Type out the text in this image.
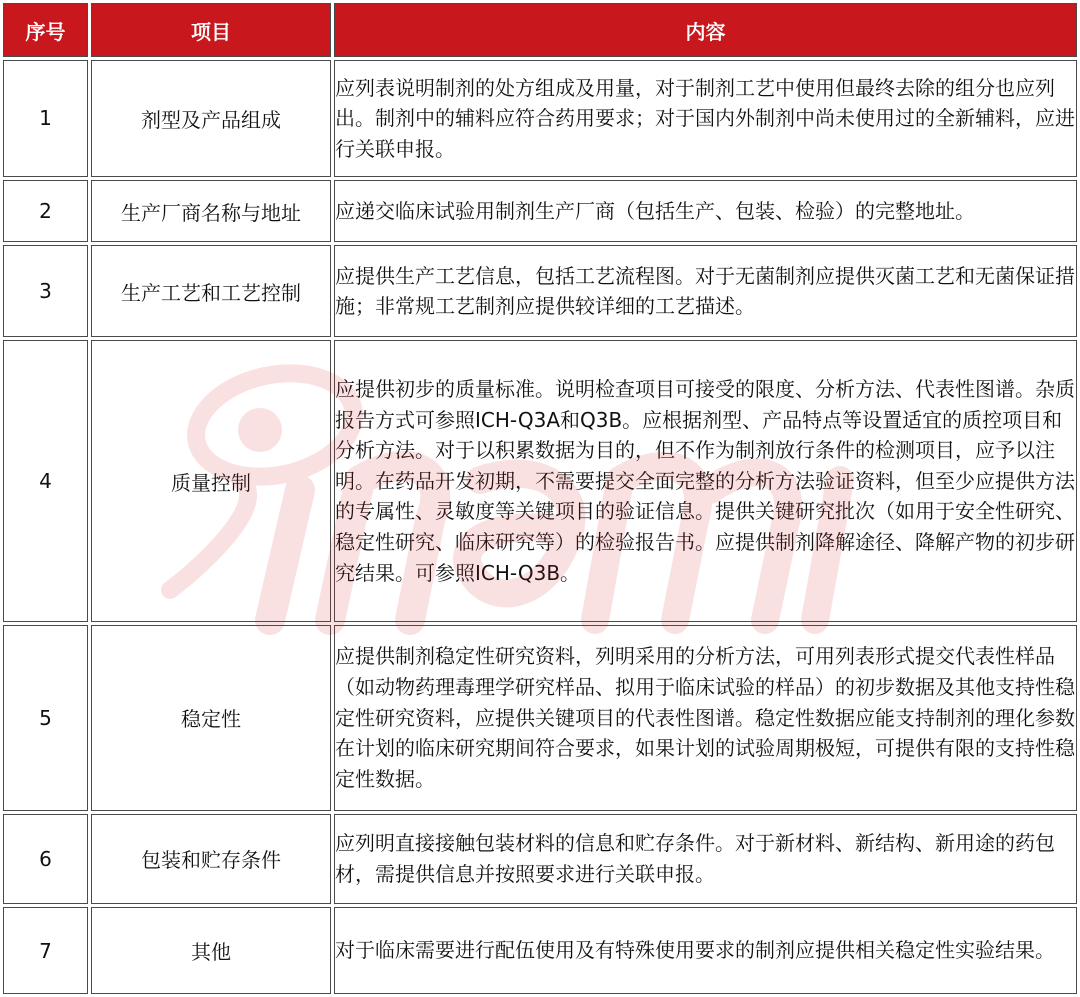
序号	项目	内容
1	剂型及产品组成	应列表说明制剂的处方组成及用量，对于制剂工艺中使用但最终去除的组分也应列出。制剂中的辅料应符合药用要求；对于国内外制剂中尚未使用过的全新辅料，应进行关联申报。
2	生产厂商名称与地址	应递交临床试验用制剂生产厂商（包括生产、包装、检验）的完整地址。
3	生产工艺和工艺控制	应提供生产工艺信息，包括工艺流程图。对于无菌制剂应提供灭菌工艺和无菌保证措施；非常规工艺制剂应提供较详细的工艺描述。
4	质量控制	应提供初步的质量标准。说明检查项目可接受的限度、分析方法、代表性图谱。杂质报告方式可参照ICH-Q3A和Q3B。应根据剂型、产品特点等设置适宜的质控项目和分析方法。对于以积累数据为目的，但不作为制剂放行条件的检测项目，应予以注明。在药品开发初期，不需要提交全面完整的分析方法验证资料，但至少应提供方法的专属性、灵敏度等关键项目的验证信息。提供关键研究批次（如用于安全性研究、稳定性研究、临床研究等）的检验报告书。应提供制剂降解途径、降解产物的初步研究结果。可参照ICH-Q3B。
5	稳定性	应提供制剂稳定性研究资料，列明采用的分析方法，可用列表形式提交代表性样品（如动物药理毒理学研究样品、拟用于临床试验的样品）的初步数据及其他支持性稳定性研究资料，应提供关键项目的代表性图谱。稳定性数据应能支持制剂的理化参数在计划的临床研究期间符合要求，如果计划的试验周期极短，可提供有限的支持性稳定性数据。
6	包装和贮存条件	应列明直接接触包装材料的信息和贮存条件。对于新材料、新结构、新用途的药包材，需提供信息并按照要求进行关联申报。
7	其他	对于临床需要进行配伍使用及有特殊使用要求的制剂应提供相关稳定性实验结果。
